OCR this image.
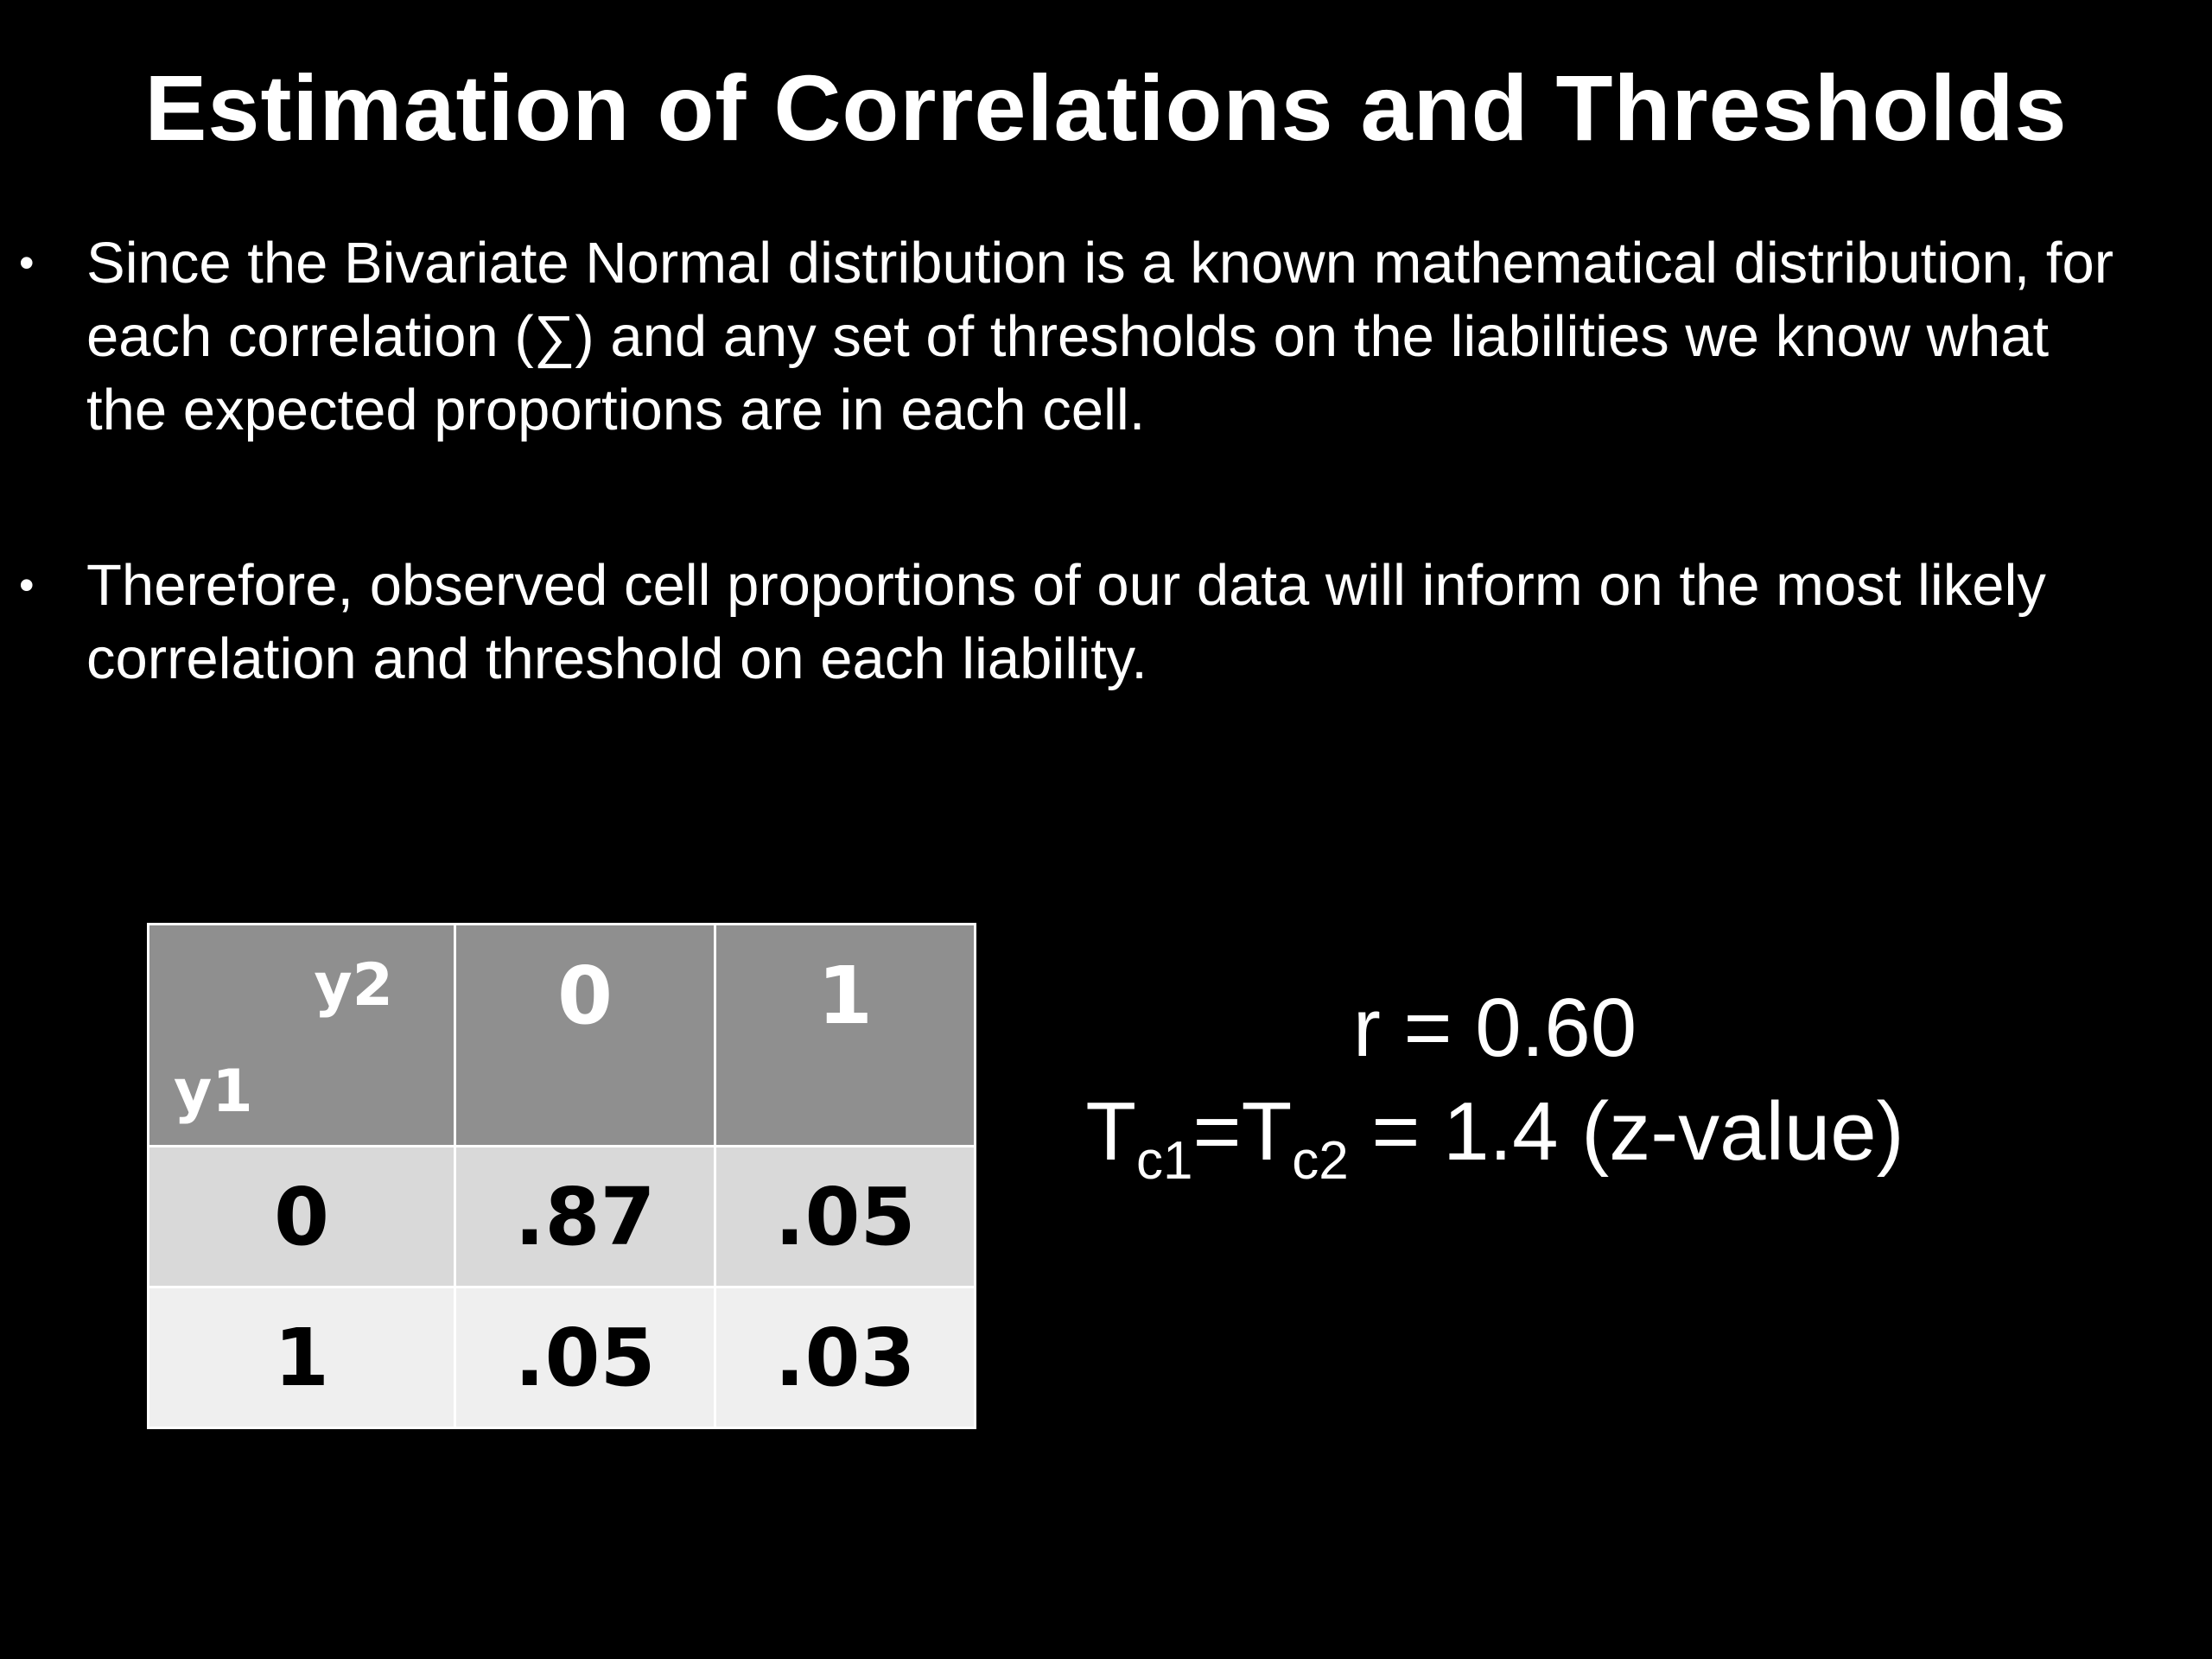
Estimation of Correlations and Thresholds
• Since the Bivariate Normal distribution is a known mathematical distribution, for each correlation (∑) and any set of thresholds on the liabilities we know what the expected proportions are in each cell.
• Therefore, observed cell proportions of our data will inform on the most likely correlation and threshold on each liability.
y2
y1	0	1
0	.87	.05
1	.05	.03
r = 0.60
$T_{c1}=T_{c2} = 1.4$ (z-value)
